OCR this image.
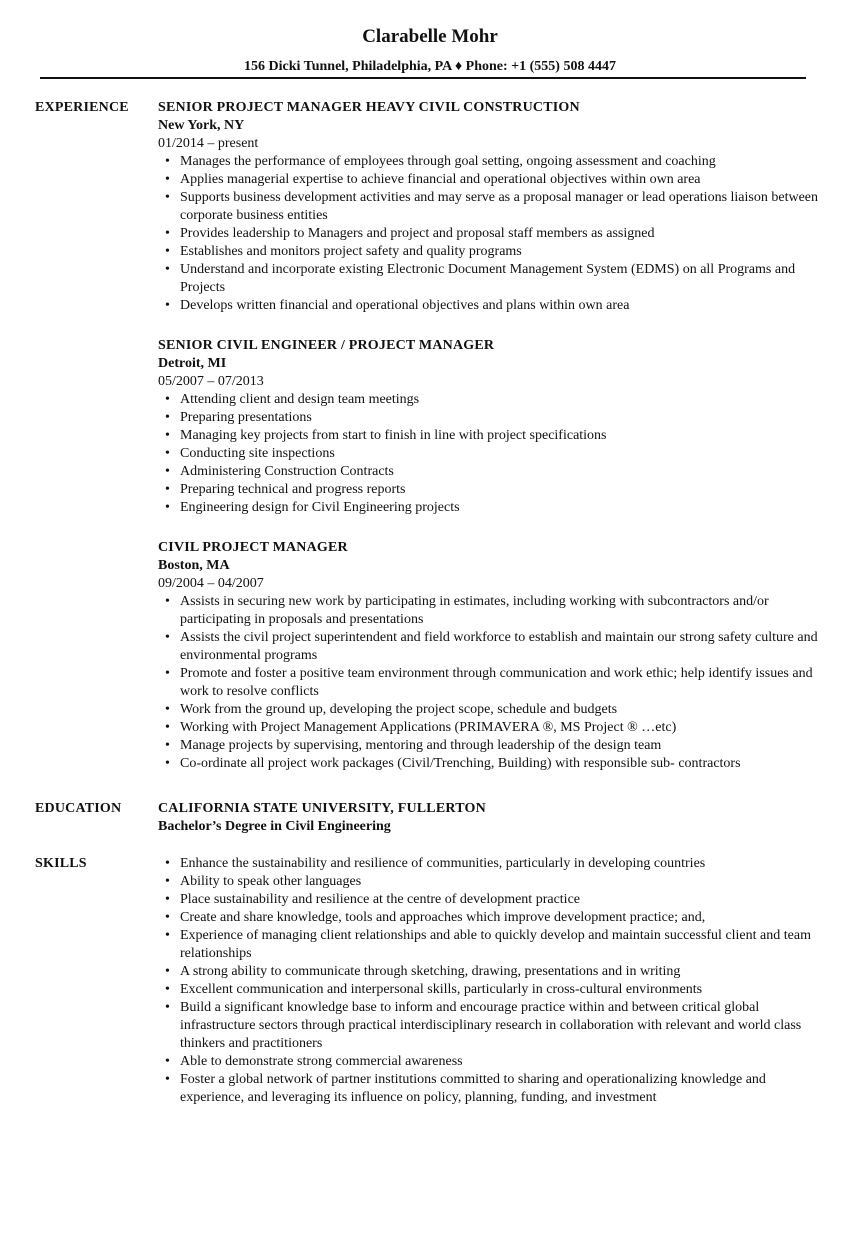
Clarabelle Mohr
156 Dicki Tunnel, Philadelphia, PA ♦ Phone: +1 (555) 508 4447
EXPERIENCE SENIOR PROJECT MANAGER HEAVY CIVIL CONSTRUCTION
New York, NY
01/2014 – present
• Manages the performance of employees through goal setting, ongoing assessment and coaching
• Applies managerial expertise to achieve financial and operational objectives within own area
• Supports business development activities and may serve as a proposal manager or lead operations liaison between corporate business entities
• Provides leadership to Managers and project and proposal staff members as assigned
• Establishes and monitors project safety and quality programs
• Understand and incorporate existing Electronic Document Management System (EDMS) on all Programs and Projects
• Develops written financial and operational objectives and plans within own area
SENIOR CIVIL ENGINEER / PROJECT MANAGER
Detroit, MI
05/2007 – 07/2013
• Attending client and design team meetings
• Preparing presentations
• Managing key projects from start to finish in line with project specifications
• Conducting site inspections
• Administering Construction Contracts
• Preparing technical and progress reports
• Engineering design for Civil Engineering projects
CIVIL PROJECT MANAGER
Boston, MA
09/2004 – 04/2007
• Assists in securing new work by participating in estimates, including working with subcontractors and/or participating in proposals and presentations
• Assists the civil project superintendent and field workforce to establish and maintain our strong safety culture and environmental programs
• Promote and foster a positive team environment through communication and work ethic; help identify issues and work to resolve conflicts
• Work from the ground up, developing the project scope, schedule and budgets
• Working with Project Management Applications (PRIMAVERA ®, MS Project ® …etc)
• Manage projects by supervising, mentoring and through leadership of the design team
• Co-ordinate all project work packages (Civil/Trenching, Building) with responsible sub- contractors
EDUCATION	CALIFORNIA STATE UNIVERSITY, FULLERTON
Bachelor’s Degree in Civil Engineering
SKILLS
•	Enhance the sustainability and resilience of communities, particularly in developing countries
• Ability to speak other languages
• Place sustainability and resilience at the centre of development practice
• Create and share knowledge, tools and approaches which improve development practice; and,
• Experience of managing client relationships and able to quickly develop and maintain successful client and team relationships
• A strong ability to communicate through sketching, drawing, presentations and in writing
• Excellent communication and interpersonal skills, particularly in cross-cultural environments
• Build a significant knowledge base to inform and encourage practice within and between critical global infrastructure sectors through practical interdisciplinary research in collaboration with relevant and world class thinkers and practitioners
• Able to demonstrate strong commercial awareness
• Foster a global network of partner institutions committed to sharing and operationalizing knowledge and experience, and leveraging its influence on policy, planning, funding, and investment
